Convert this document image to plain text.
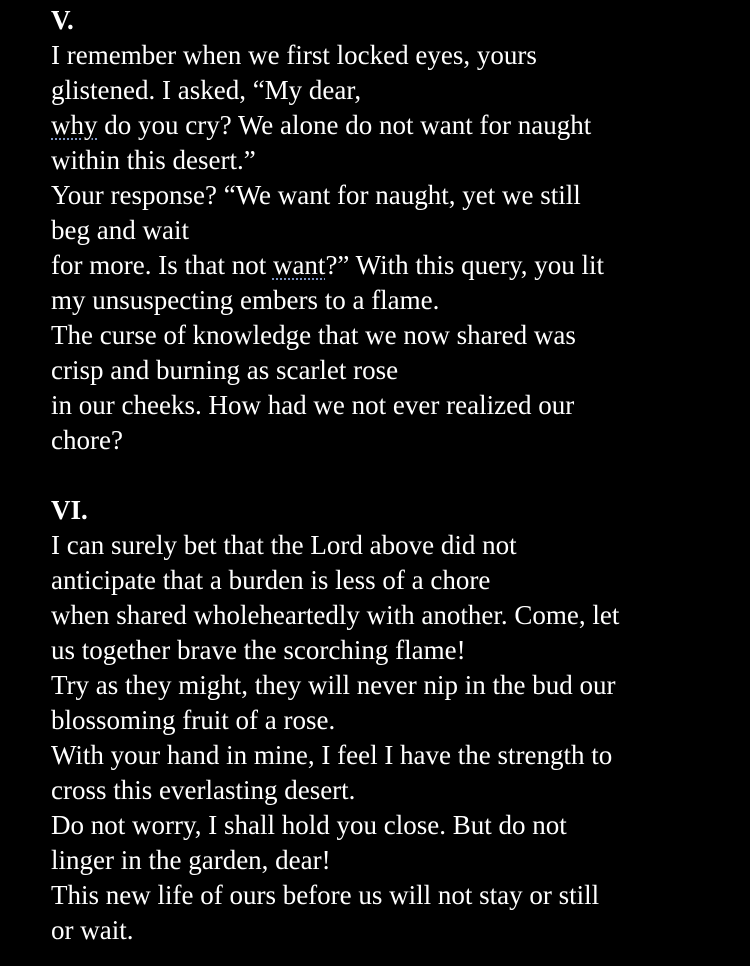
V.
I remember when we first locked eyes, yours
glistened. I asked, “My dear,
why do you cry? We alone do not want for naught
within this desert.”
Your response? “We want for naught, yet we still
beg and wait
for more. Is that not want?” With this query, you lit
my unsuspecting embers to a flame.
The curse of knowledge that we now shared was
crisp and burning as scarlet rose
in our cheeks. How had we not ever realized our
chore?
VI.
I can surely bet that the Lord above did not
anticipate that a burden is less of a chore
when shared wholeheartedly with another. Come, let
us together brave the scorching flame!
Try as they might, they will never nip in the bud our
blossoming fruit of a rose.
With your hand in mine, I feel I have the strength to
cross this everlasting desert.
Do not worry, I shall hold you close. But do not
linger in the garden, dear!
This new life of ours before us will not stay or still
or wait.
